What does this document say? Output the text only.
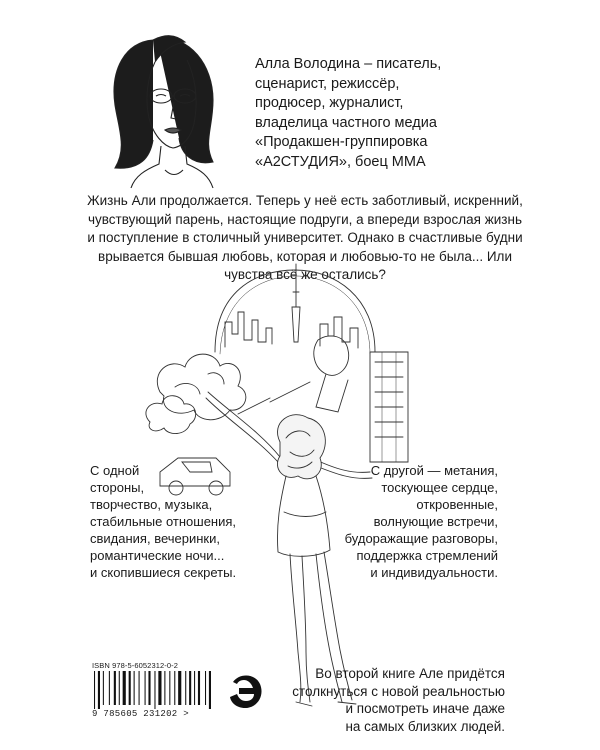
Алла Володина – писатель,
сценарист, режиссёр,
продюсер, журналист,
владелица частного медиа
«Продакшен-группировка
«А2СТУДИЯ», боец ММА
Жизнь Али продолжается. Теперь у неё есть заботливый, искренний,
чувствующий парень, настоящие подруги, а впереди взрослая жизнь
и поступление в столичный университет. Однако в счастливые будни
врывается бывшая любовь, которая и любовью-то не была... Или
чувства всё же остались?
С одной
стороны,
творчество, музыка,
стабильные отношения,
свидания, вечеринки,
романтические ночи...
и скопившиеся секреты.
С другой — метания,
тоскующее сердце,
откровенные,
волнующие встречи,
будоражащие разговоры,
поддержка стремлений
и индивидуальности.
ISBN 978-5-6052312-0-2
9 785605 231202 >
Во второй книге Але придётся
столкнуться с новой реальностью
и посмотреть иначе даже
на самых близких людей.
